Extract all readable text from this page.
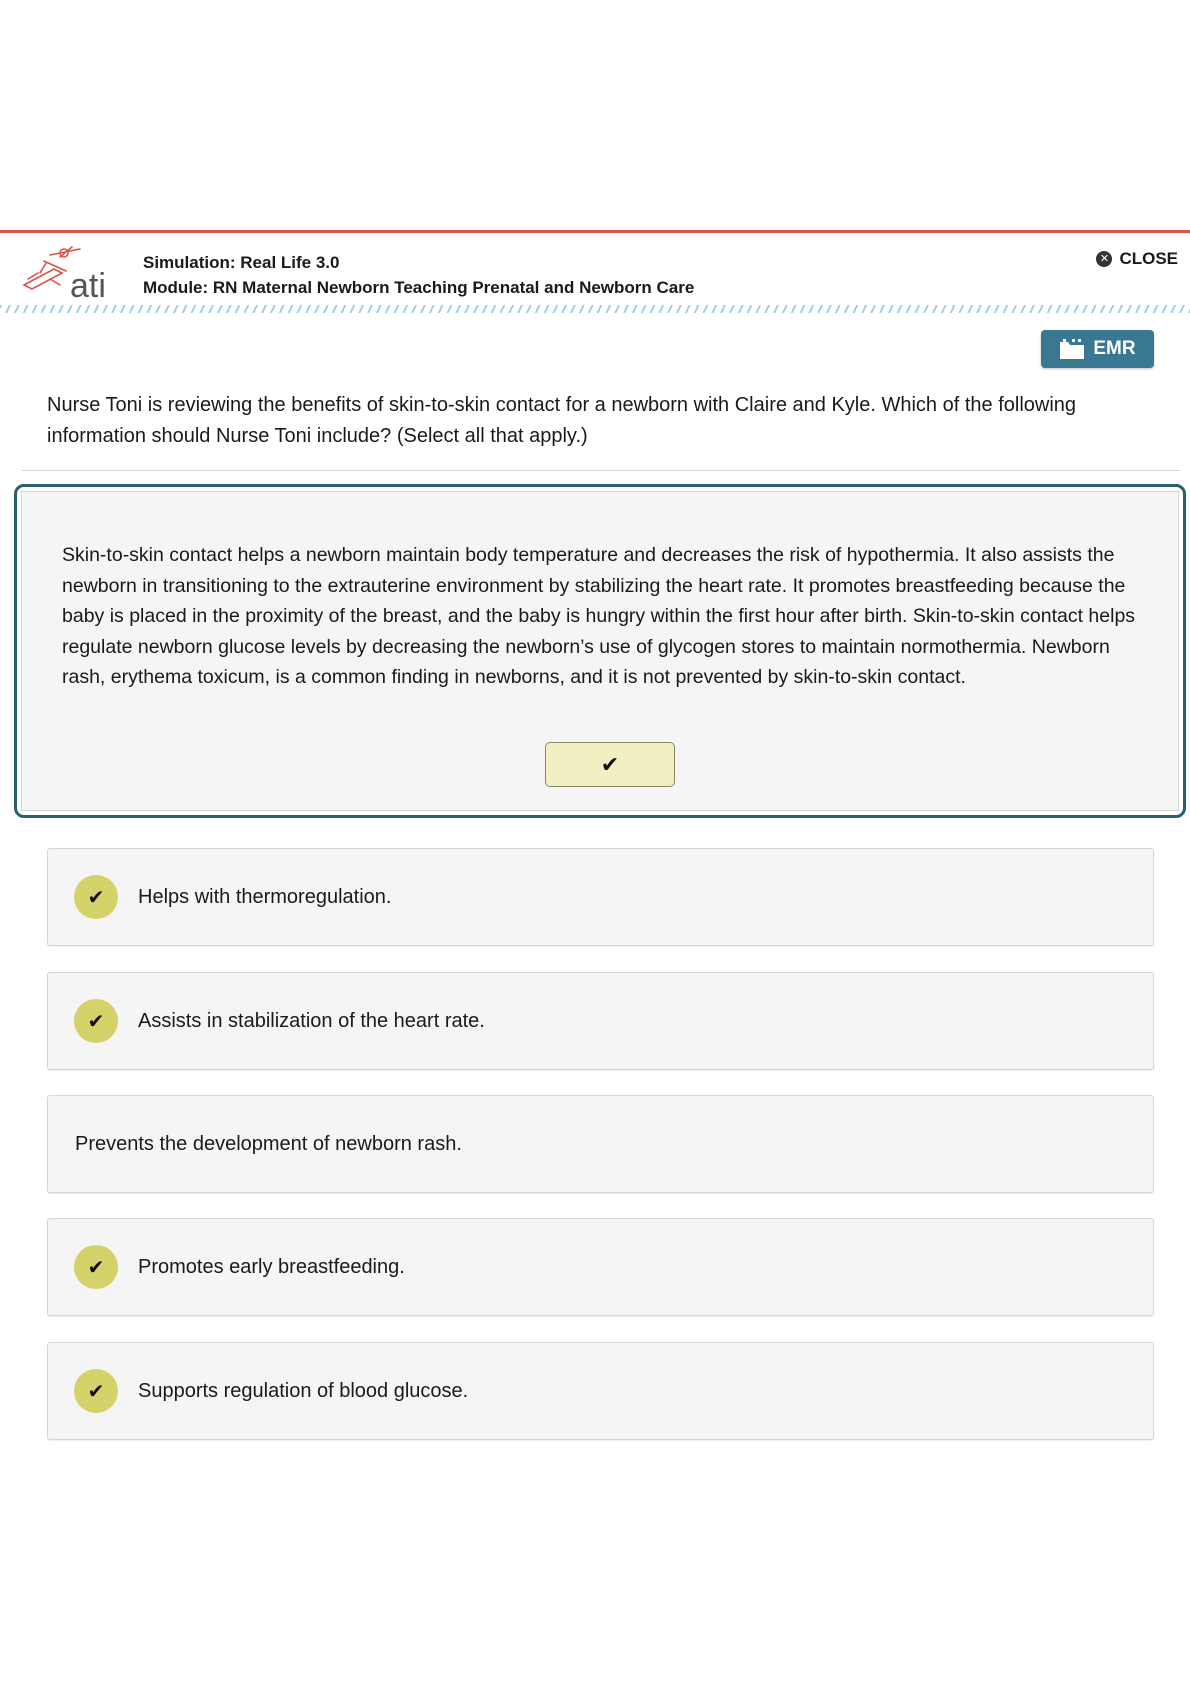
ati
Simulation: Real Life 3.0
Module: RN Maternal Newborn Teaching Prenatal and Newborn Care
✕ CLOSE
EMR
Nurse Toni is reviewing the benefits of skin-to-skin contact for a newborn with Claire and Kyle. Which of the following information should Nurse Toni include? (Select all that apply.)
Skin-to-skin contact helps a newborn maintain body temperature and decreases the risk of hypothermia. It also assists the newborn in transitioning to the extrauterine environment by stabilizing the heart rate. It promotes breastfeeding because the baby is placed in the proximity of the breast, and the baby is hungry within the first hour after birth. Skin-to-skin contact helps regulate newborn glucose levels by decreasing the newborn’s use of glycogen stores to maintain normothermia. Newborn rash, erythema toxicum, is a common finding in newborns, and it is not prevented by skin-to-skin contact.
✔
✔	Helps with thermoregulation.
✔	Assists in stabilization of the heart rate.
Prevents the development of newborn rash.
✔	Promotes early breastfeeding.
✔	Supports regulation of blood glucose.
